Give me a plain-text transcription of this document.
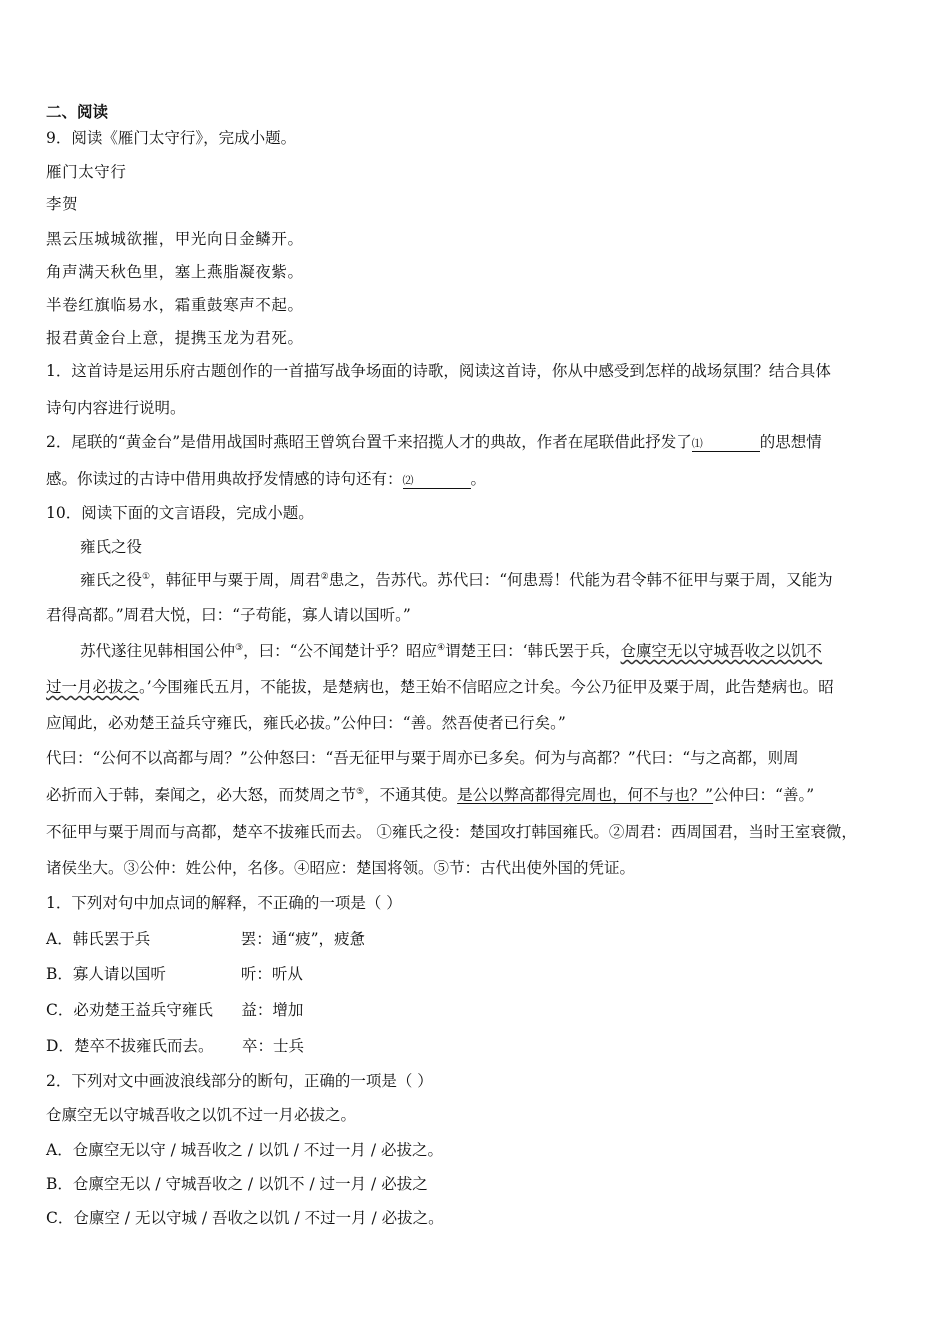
二、阅读
9．阅读《雁门太守行》，完成小题。
雁门太守行
李贺
黑云压城城欲摧，甲光向日金鳞开。
角声满天秋色里，塞上燕脂凝夜紫。
半卷红旗临易水，霜重鼓寒声不起。
报君黄金台上意，提携玉龙为君死。
1．这首诗是运用乐府古题创作的一首描写战争场面的诗歌，阅读这首诗，你从中感受到怎样的战场氛围？结合具体
诗句内容进行说明。
2．尾联的“黄金台”是借用战国时燕昭王曾筑台置千来招揽人才的典故，作者在尾联借此抒发了⑴	的思想情
感。你读过的古诗中借用典故抒发情感的诗句还有：⑵	。
10．阅读下面的文言语段，完成小题。
雍氏之役
雍氏之役①，韩征甲与粟于周，周君②患之，告苏代。苏代曰：“何患焉！代能为君令韩不征甲与粟于周，又能为
君得高都。”周君大悦，曰：“子苟能，寡人请以国听。”
苏代遂往见韩相国公仲③，曰：“公不闻楚计乎？昭应④谓楚王曰：‘韩氏罢于兵，仓廪空无以守城吾收之以饥不
过一月必拔之。’今围雍氏五月，不能拔，是楚病也，楚王始不信昭应之计矣。今公乃征甲及粟于周，此告楚病也。昭
应闻此，必劝楚王益兵守雍氏，雍氏必拔。”公仲曰：“善。然吾使者已行矣。”
代曰：“公何不以高都与周？”公仲怒曰：“吾无征甲与粟于周亦已多矣。何为与高都？”代曰：“与之高都，则周
必折而入于韩，秦闻之，必大怒，而焚周之节⑤，不通其使。是公以弊高都得完周也，何不与也？”公仲曰：“善。”
不征甲与粟于周而与高都，楚卒不拔雍氏而去。 ①雍氏之役：楚国攻打韩国雍氏。②周君：西周国君，当时王室衰微，
诸侯坐大。③公仲：姓公仲，名侈。④昭应：楚国将领。⑤节：古代出使外国的凭证。
1．下列对句中加点词的解释，不正确的一项是（ ）
A．韩氏罢于兵	罢：通“疲”，疲惫
B．寡人请以国听	听：听从
C．必劝楚王益兵守雍氏 益：增加
D．楚卒不拔雍氏而去。 卒：士兵
2．下列对文中画波浪线部分的断句，正确的一项是（ ）
仓廪空无以守城吾收之以饥不过一月必拔之。
A．仓廪空无以守 / 城吾收之 / 以饥 / 不过一月 / 必拔之。
B．仓廪空无以 / 守城吾收之 / 以饥不 / 过一月 / 必拔之
C．仓廪空 / 无以守城 / 吾收之以饥 / 不过一月 / 必拔之。
